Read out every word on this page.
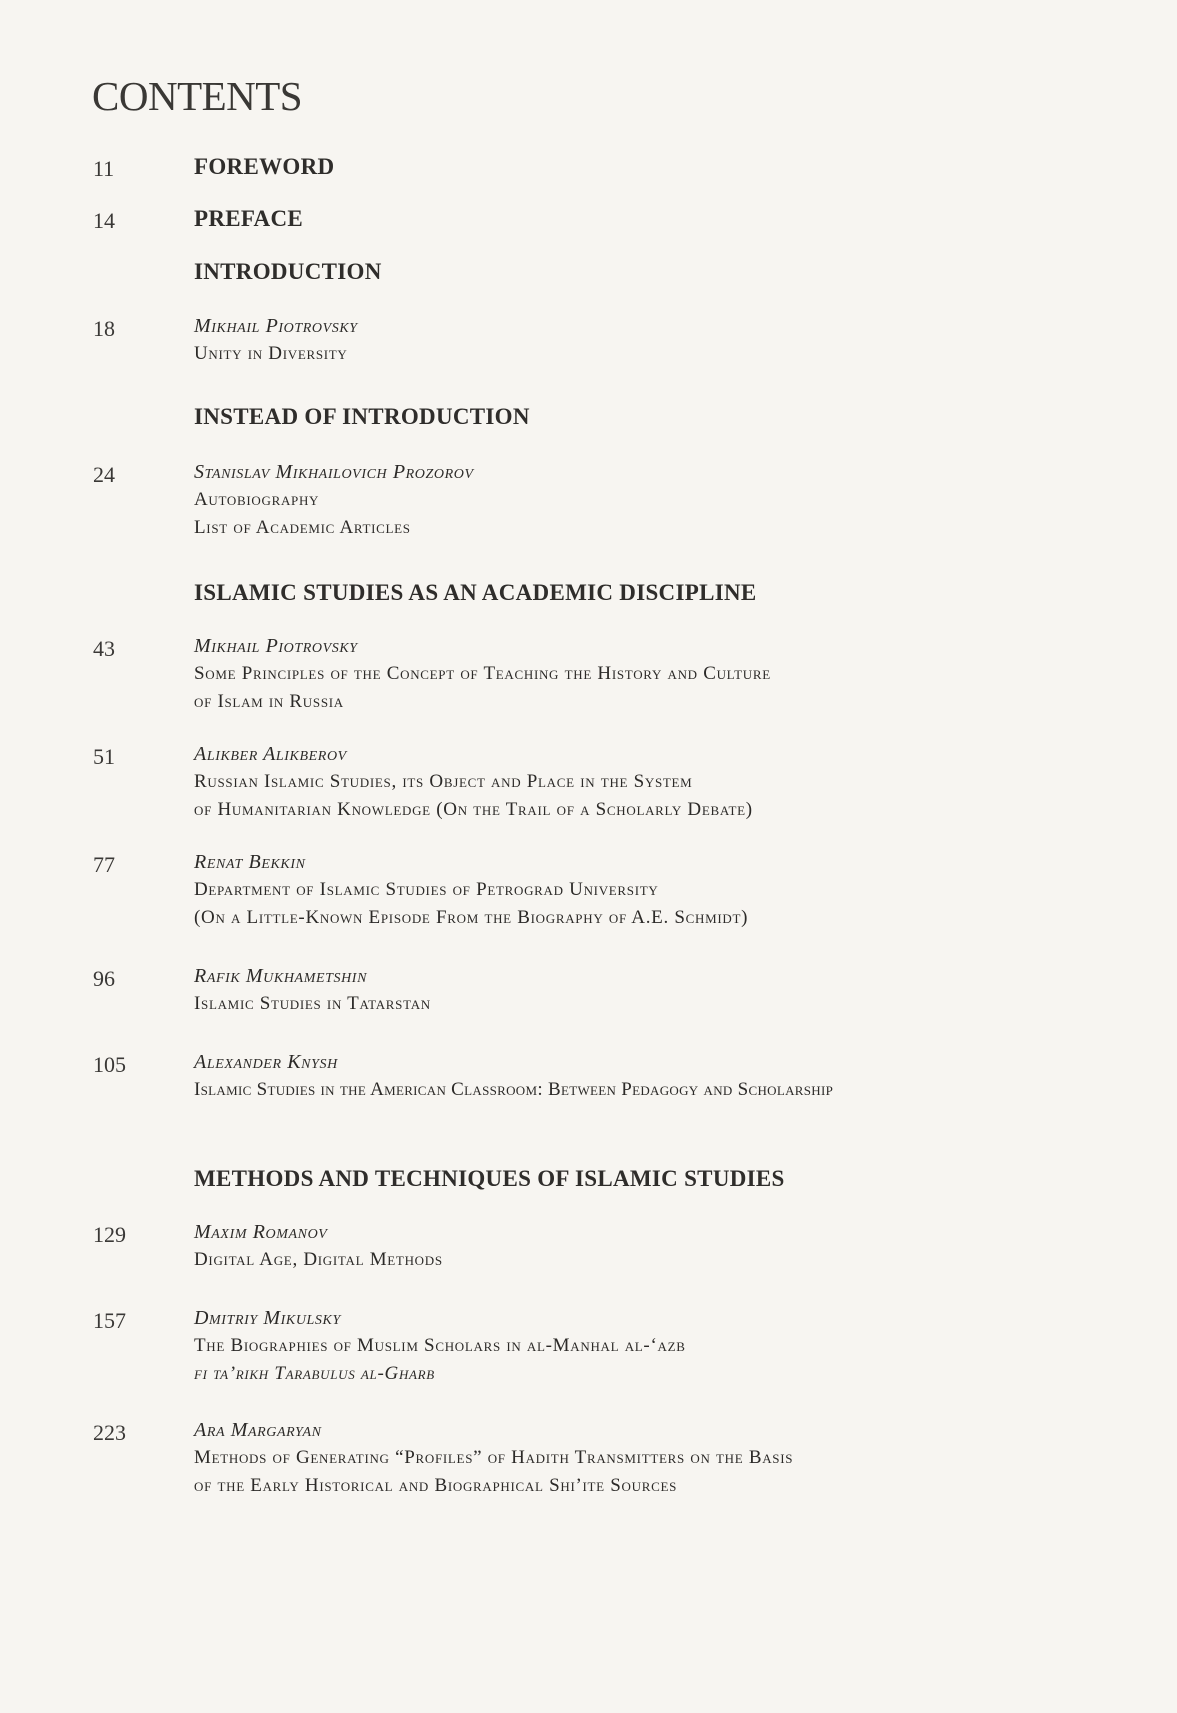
CONTENTS
11	FOREWORD
14	PREFACE
INTRODUCTION
18	Mikhail Piotrovsky
Unity in Diversity
INSTEAD OF INTRODUCTION
24	Stanislav Mikhailovich Prozorov
Autobiography
List of Academic Articles
ISLAMIC STUDIES AS AN ACADEMIC DISCIPLINE
43	Mikhail Piotrovsky
Some Principles of the Concept of Teaching the History and Culture
of Islam in Russia
51	Alikber Alikberov
Russian Islamic Studies, its Object and Place in the System
of Humanitarian Knowledge (On the Trail of a Scholarly Debate)
77	Renat Bekkin
Department of Islamic Studies of Petrograd University
(On a Little-Known Episode From the Biography of A.E. Schmidt)
96	Rafik Mukhametshin
Islamic Studies in Tatarstan
105	Alexander Knysh
Islamic Studies in the American Classroom: Between Pedagogy and Scholarship
METHODS AND TECHNIQUES OF ISLAMIC STUDIES
129	Maxim Romanov
Digital Age, Digital Methods
157	Dmitriy Mikulsky
The Biographies of Muslim Scholars in al-Manhal al-‘azb
fi ta’rikh Tarabulus al-Gharb
223	Ara Margaryan
Methods of Generating “Profiles” of Hadith Transmitters on the Basis
of the Early Historical and Biographical Shi’ite Sources
